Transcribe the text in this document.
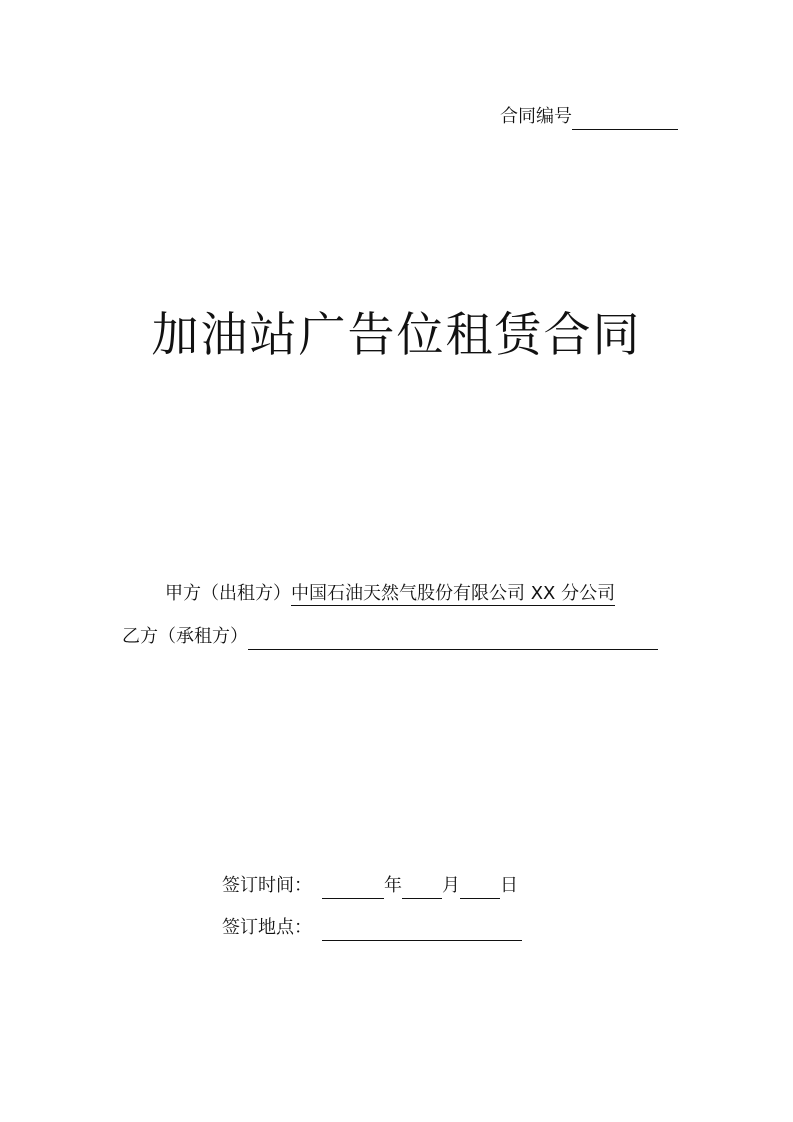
合同编号
加油站广告位租赁合同
甲方（出租方）中国石油天然气股份有限公司 XX 分公司
乙方（承租方）
签订时间：	年 月 日
签订地点：
